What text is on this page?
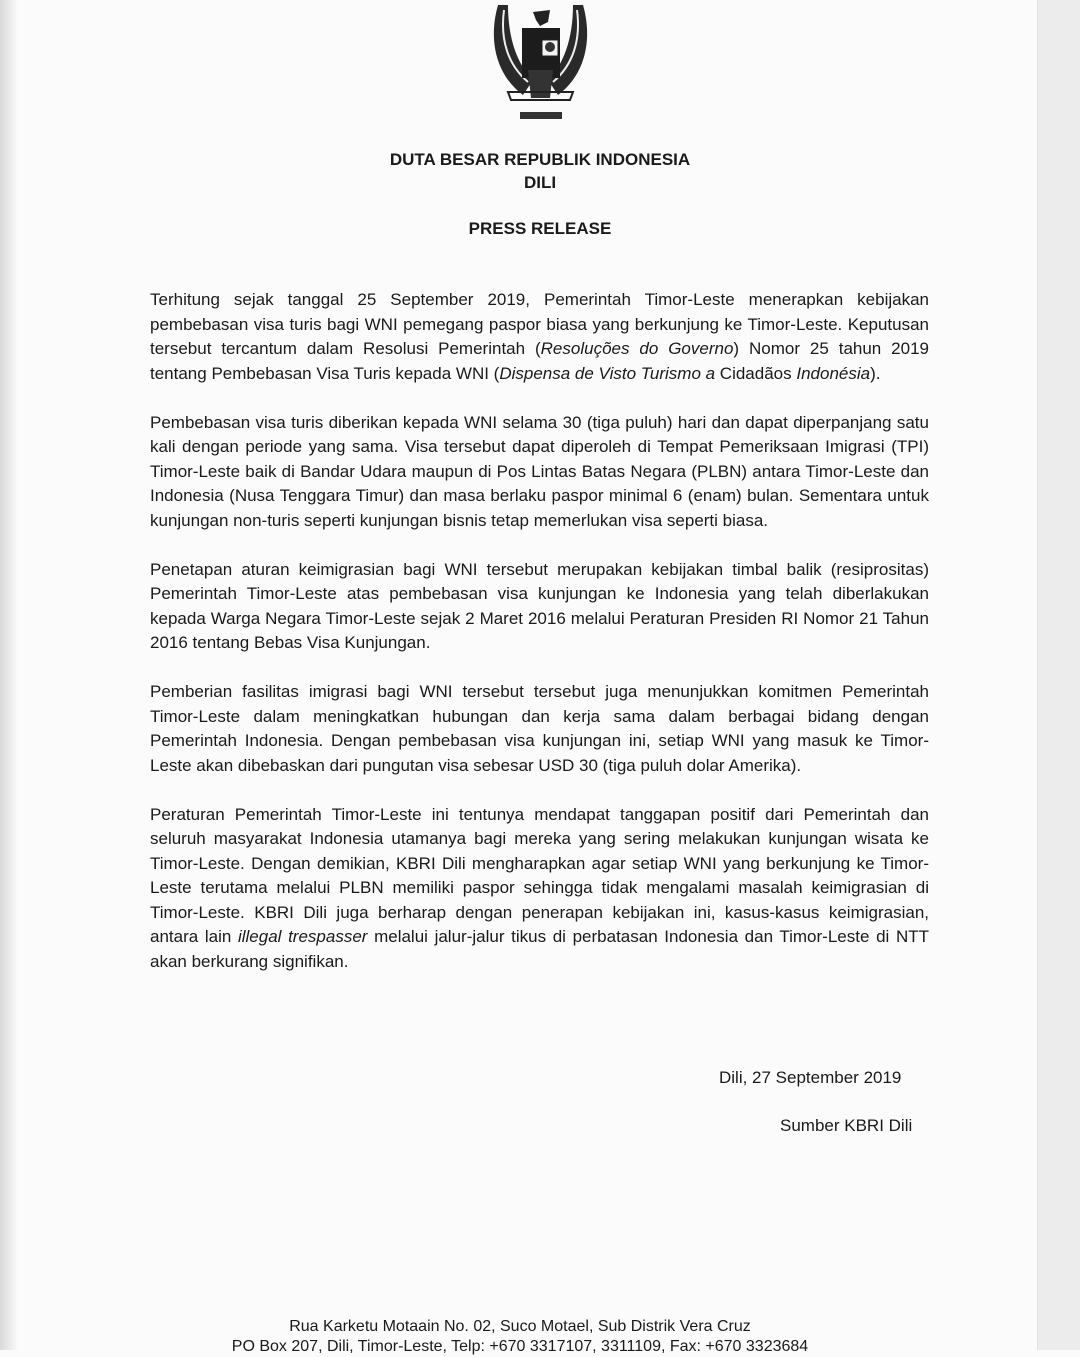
DUTA BESAR REPUBLIK INDONESIA
DILI
PRESS RELEASE

Terhitung sejak tanggal 25 September 2019, Pemerintah Timor-Leste menerapkan kebijakan pembebasan visa turis bagi WNI pemegang paspor biasa yang berkunjung ke Timor-Leste. Keputusan tersebut tercantum dalam Resolusi Pemerintah (Resoluções do Governo) Nomor 25 tahun 2019 tentang Pembebasan Visa Turis kepada WNI (Dispensa de Visto Turismo a Cidadãos Indonésia).

Pembebasan visa turis diberikan kepada WNI selama 30 (tiga puluh) hari dan dapat diperpanjang satu kali dengan periode yang sama. Visa tersebut dapat diperoleh di Tempat Pemeriksaan Imigrasi (TPI) Timor-Leste baik di Bandar Udara maupun di Pos Lintas Batas Negara (PLBN) antara Timor-Leste dan Indonesia (Nusa Tenggara Timur) dan masa berlaku paspor minimal 6 (enam) bulan. Sementara untuk kunjungan non-turis seperti kunjungan bisnis tetap memerlukan visa seperti biasa.

Penetapan aturan keimigrasian bagi WNI tersebut merupakan kebijakan timbal balik (resiprositas) Pemerintah Timor-Leste atas pembebasan visa kunjungan ke Indonesia yang telah diberlakukan kepada Warga Negara Timor-Leste sejak 2 Maret 2016 melalui Peraturan Presiden RI Nomor 21 Tahun 2016 tentang Bebas Visa Kunjungan.

Pemberian fasilitas imigrasi bagi WNI tersebut tersebut juga menunjukkan komitmen Pemerintah Timor-Leste dalam meningkatkan hubungan dan kerja sama dalam berbagai bidang dengan Pemerintah Indonesia. Dengan pembebasan visa kunjungan ini, setiap WNI yang masuk ke Timor-Leste akan dibebaskan dari pungutan visa sebesar USD 30 (tiga puluh dolar Amerika).

Peraturan Pemerintah Timor-Leste ini tentunya mendapat tanggapan positif dari Pemerintah dan seluruh masyarakat Indonesia utamanya bagi mereka yang sering melakukan kunjungan wisata ke Timor-Leste. Dengan demikian, KBRI Dili mengharapkan agar setiap WNI yang berkunjung ke Timor-Leste terutama melalui PLBN memiliki paspor sehingga tidak mengalami masalah keimigrasian di Timor-Leste. KBRI Dili juga berharap dengan penerapan kebijakan ini, kasus-kasus keimigrasian, antara lain illegal trespasser melalui jalur-jalur tikus di perbatasan Indonesia dan Timor-Leste di NTT akan berkurang signifikan.

Dili, 27 September 2019
Sumber KBRI Dili
Rua Karketu Motaain No. 02, Suco Motael, Sub Distrik Vera Cruz
PO Box 207, Dili, Timor-Leste, Telp: +670 3317107, 3311109, Fax: +670 3323684
